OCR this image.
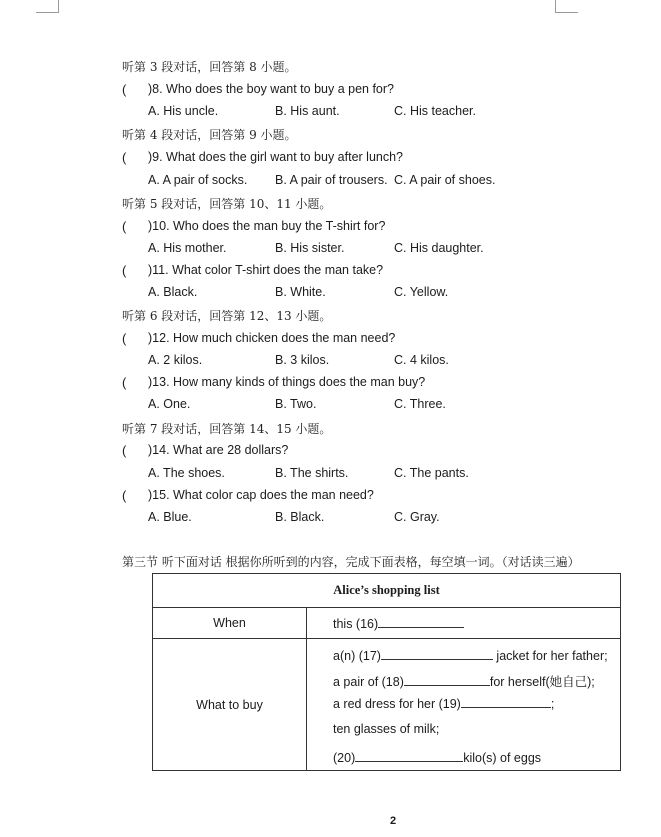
听第 3 段对话，回答第 8 小题。
( )8. Who does the boy want to buy a pen for?
A. His uncle.	B. His aunt.	C. His teacher.
听第 4 段对话，回答第 9 小题。
( )9. What does the girl want to buy after lunch?
A. A pair of socks. B. A pair of trousers. C. A pair of shoes.
听第 5 段对话，回答第 10、11 小题。
( )10. Who does the man buy the T-shirt for?
A. His mother.	B. His sister.	C. His daughter.
( )11. What color T-shirt does the man take?
A. Black.	B. White.	C. Yellow.
听第 6 段对话，回答第 12、13 小题。
( )12. How much chicken does the man need?
A. 2 kilos.	B. 3 kilos.	C. 4 kilos.
( )13. How many kinds of things does the man buy?
A. One.	B. Two.	C. Three.
听第 7 段对话，回答第 14、15 小题。
( )14. What are 28 dollars?
A. The shoes.	B. The shirts.	C. The pants.
( )15. What color cap does the man need?
A. Blue.	B. Black.	C. Gray.
第三节 听下面对话 根据你所听到的内容，完成下面表格，每空填一词。（对话读三遍）
Alice’s shopping list	
When	this (16)

What to buy	a(n) (17) jacket for her father;
a pair of (18) for herself(她自己);
a red dress for her (19) ;
ten glasses of milk;
(20) kilo(s) of eggs
2
